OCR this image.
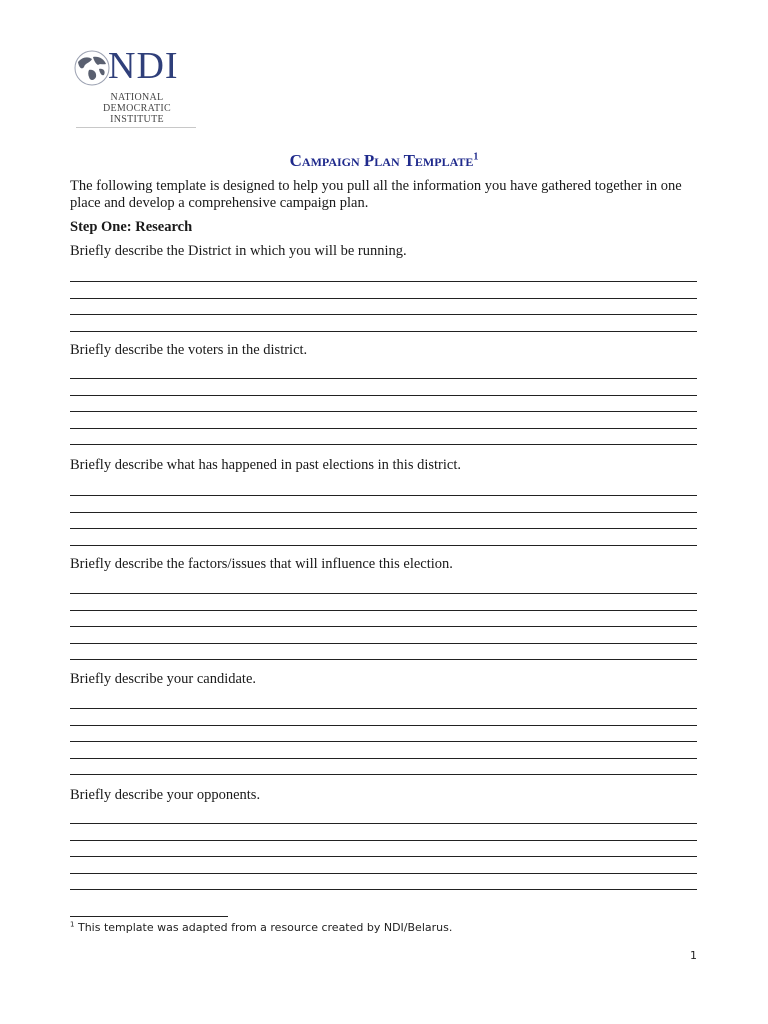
NDI
NATIONAL
DEMOCRATIC
INSTITUTE
Campaign Plan Template$^1$
The following template is designed to help you pull all the information you have gathered together in one place and develop a comprehensive campaign plan.
Step One: Research
Briefly describe the District in which you will be running.
Briefly describe the voters in the district.
Briefly describe what has happened in past elections in this district.
Briefly describe the factors/issues that will influence this election.
Briefly describe your candidate.
Briefly describe your opponents.
$^1$ This template was adapted from a resource created by NDI/Belarus.
1
